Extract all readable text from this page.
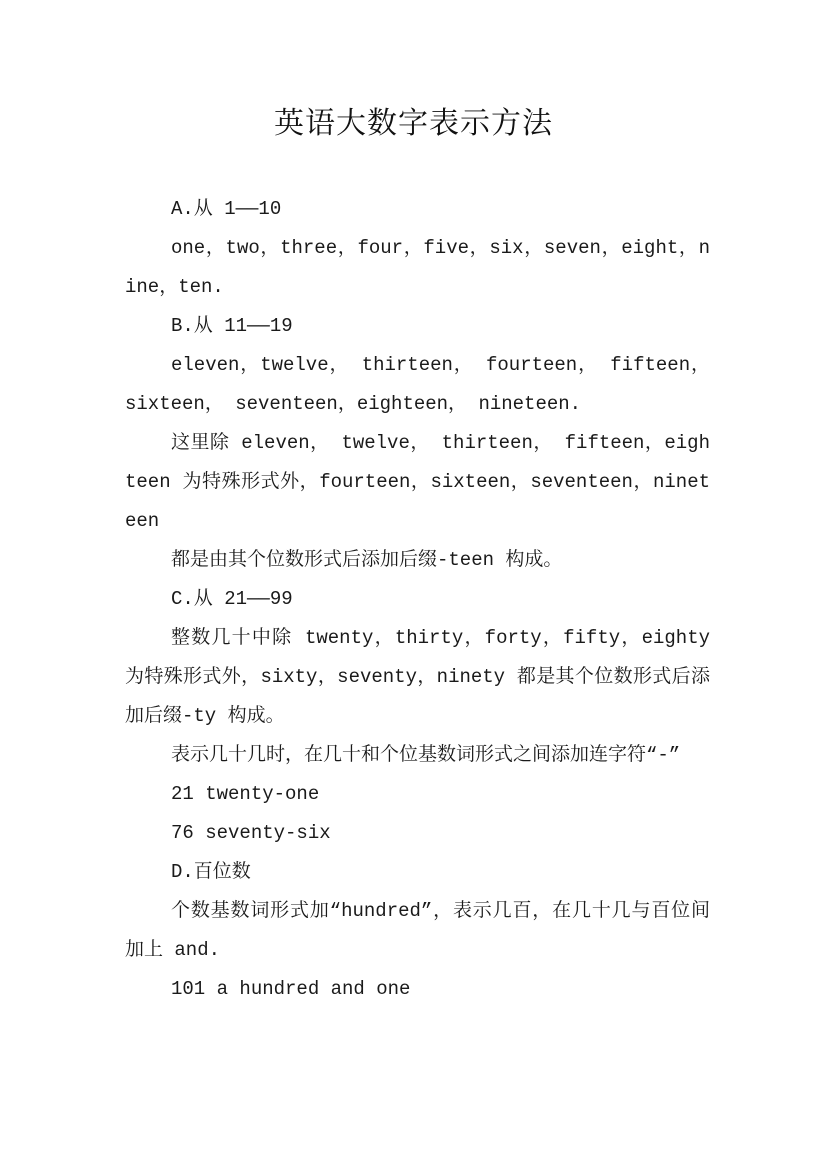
英语大数字表示方法

A.从 1——10

one，two，three，four，five，six，seven，eight，nine，ten.

B.从 11——19

eleven，twelve， thirteen， fourteen， fifteen，sixteen， seventeen，eighteen， nineteen.

这里除 eleven， twelve， thirteen， fifteen，eighteen 为特殊形式外，fourteen，sixteen，seventeen，nineteen

都是由其个位数形式后添加后缀-teen 构成。

C.从 21——99

整数几十中除 twenty，thirty，forty，fifty，eighty 为特殊形式外，sixty，seventy，ninety 都是其个位数形式后添加后缀-ty 构成。

表示几十几时，在几十和个位基数词形式之间添加连字符“-”

21 twenty-one

76 seventy-six

D.百位数

个数基数词形式加“hundred”，表示几百，在几十几与百位间加上 and.

101 a hundred and one
